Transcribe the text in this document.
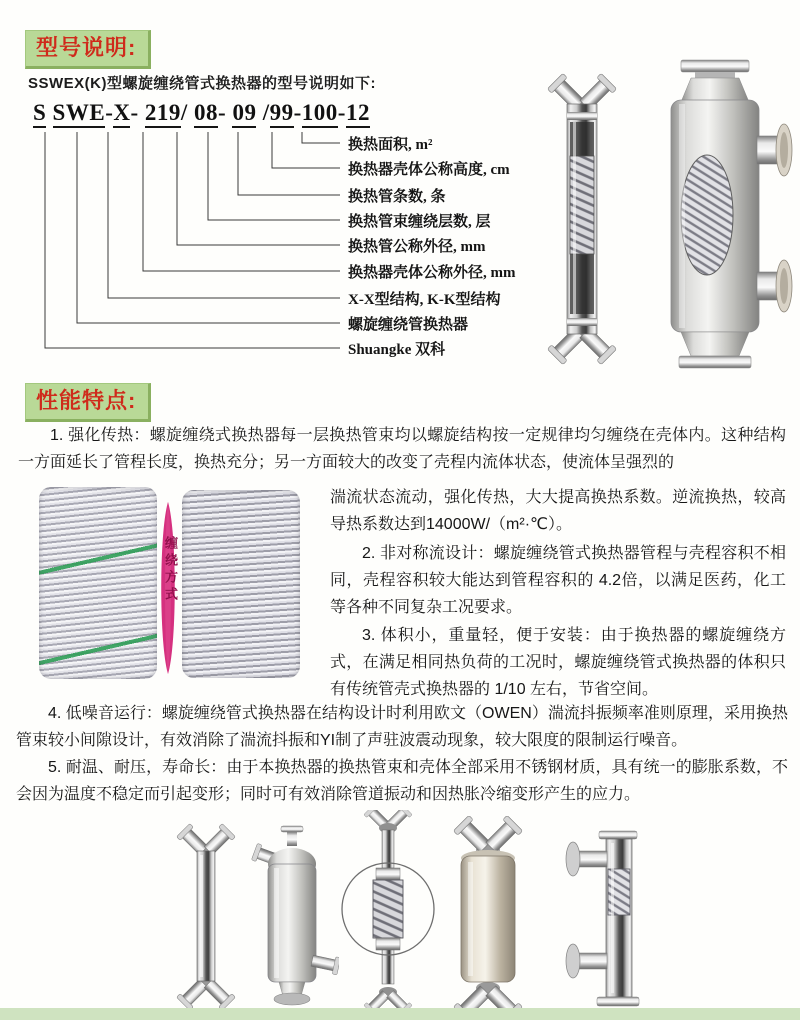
型号说明:
SSWEX(K)型螺旋缠绕管式换热器的型号说明如下:
S SWE-X- 219/ 08- 09 /99-100-12
换热面积, m²
换热器壳体公称高度, cm
换热管条数, 条
换热管束缠绕层数, 层
换热管公称外径, mm
换热器壳体公称外径, mm
X-X型结构, K-K型结构
螺旋缠绕管换热器
Shuangke 双科
性能特点:
1. 强化传热：螺旋缠绕式换热器每一层换热管束均以螺旋结构按一定规律均匀缠绕在壳体内。这种结构一方面延长了管程长度，换热充分；另一方面较大的改变了壳程内流体状态，使流体呈强烈的
缠绕方式
湍流状态流动，强化传热，大大提高换热系数。逆流换热，较高导热系数达到14000W/（m²·℃）。
2. 非对称流设计：螺旋缠绕管式换热器管程与壳程容积不相同，壳程容积较大能达到管程容积的 4.2倍，以满足医药，化工等各种不同复杂工况要求。
3. 体积小，重量轻，便于安装：由于换热器的螺旋缠绕方式，在满足相同热负荷的工况时，螺旋缠绕管式换热器的体积只有传统管壳式换热器的 1/10 左右，节省空间。
4. 低噪音运行：螺旋缠绕管式换热器在结构设计时利用欧文（OWEN）湍流抖振频率准则原理，采用换热管束较小间隙设计，有效消除了湍流抖振和YI制了声驻波震动现象，较大限度的限制运行噪音。
5. 耐温、耐压，寿命长：由于本换热器的换热管束和壳体全部采用不锈钢材质，具有统一的膨胀系数，不会因为温度不稳定而引起变形；同时可有效消除管道振动和因热胀冷缩变形产生的应力。
